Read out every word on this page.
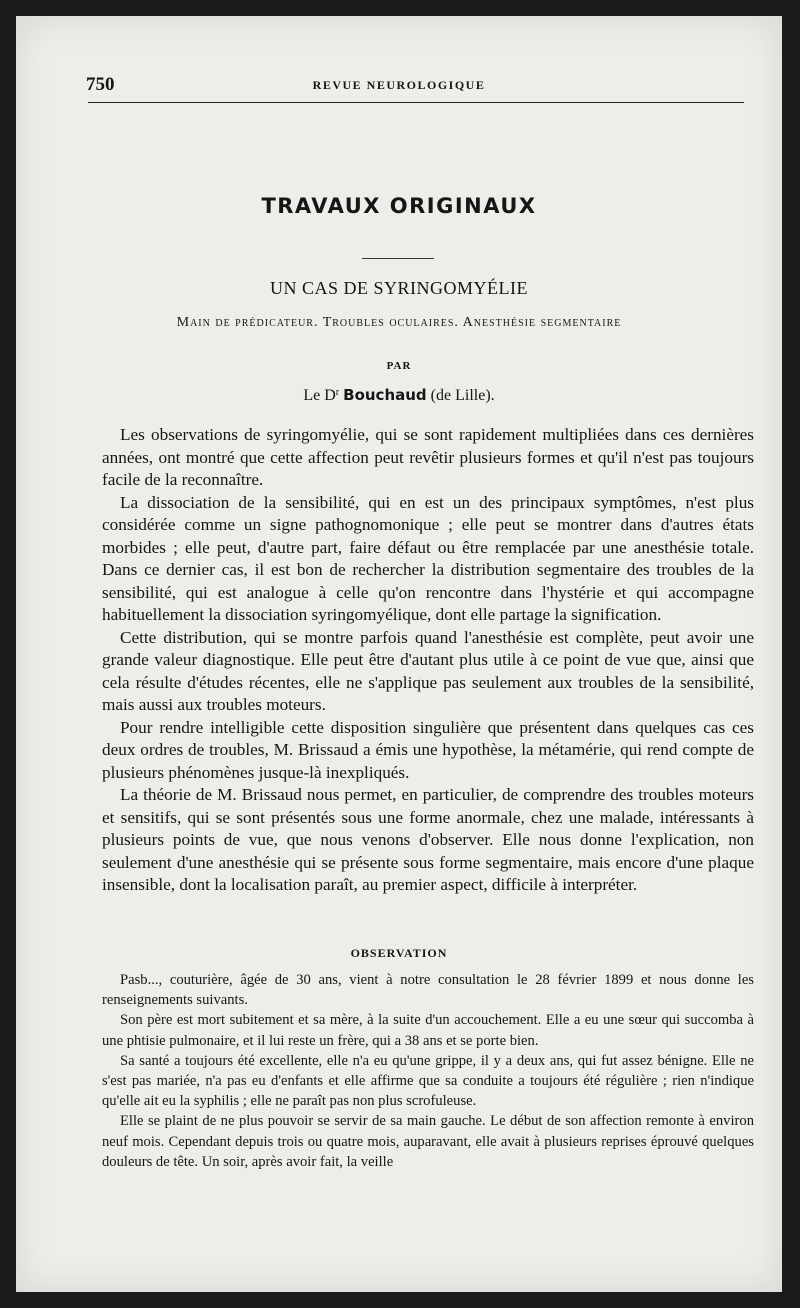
750	REVUE NEUROLOGIQUE
TRAVAUX ORIGINAUX
UN CAS DE SYRINGOMYÉLIE
Main de prédicateur. Troubles oculaires. Anesthésie segmentaire
PAR
Le $D^r$ Bouchaud (de Lille).

Les observations de syringomyélie, qui se sont rapidement multipliées dans ces dernières années, ont montré que cette affection peut revêtir plusieurs formes et qu'il n'est pas toujours facile de la reconnaître.

La dissociation de la sensibilité, qui en est un des principaux symptômes, n'est plus considérée comme un signe pathognomonique ; elle peut se montrer dans d'autres états morbides ; elle peut, d'autre part, faire défaut ou être remplacée par une anesthésie totale. Dans ce dernier cas, il est bon de rechercher la distribution segmentaire des troubles de la sensibilité, qui est analogue à celle qu'on rencontre dans l'hystérie et qui accompagne habituellement la dissociation syringomyélique, dont elle partage la signification.

Cette distribution, qui se montre parfois quand l'anesthésie est complète, peut avoir une grande valeur diagnostique. Elle peut être d'autant plus utile à ce point de vue que, ainsi que cela résulte d'études récentes, elle ne s'applique pas seulement aux troubles de la sensibilité, mais aussi aux troubles moteurs.

Pour rendre intelligible cette disposition singulière que présentent dans quelques cas ces deux ordres de troubles, M. Brissaud a émis une hypothèse, la métamérie, qui rend compte de plusieurs phénomènes jusque-là inexpliqués.

La théorie de M. Brissaud nous permet, en particulier, de comprendre des troubles moteurs et sensitifs, qui se sont présentés sous une forme anormale, chez une malade, intéressants à plusieurs points de vue, que nous venons d'observer. Elle nous donne l'explication, non seulement d'une anesthésie qui se présente sous forme segmentaire, mais encore d'une plaque insensible, dont la localisation paraît, au premier aspect, difficile à interpréter.

OBSERVATION

Pasb..., couturière, âgée de 30 ans, vient à notre consultation le 28 février 1899 et nous donne les renseignements suivants.

Son père est mort subitement et sa mère, à la suite d'un accouchement. Elle a eu une sœur qui succomba à une phtisie pulmonaire, et il lui reste un frère, qui a 38 ans et se porte bien.

Sa santé a toujours été excellente, elle n'a eu qu'une grippe, il y a deux ans, qui fut assez bénigne. Elle ne s'est pas mariée, n'a pas eu d'enfants et elle affirme que sa conduite a toujours été régulière ; rien n'indique qu'elle ait eu la syphilis ; elle ne paraît pas non plus scrofuleuse.

Elle se plaint de ne plus pouvoir se servir de sa main gauche. Le début de son affection remonte à environ neuf mois. Cependant depuis trois ou quatre mois, auparavant, elle avait à plusieurs reprises éprouvé quelques douleurs de tête. Un soir, après avoir fait, la veille
